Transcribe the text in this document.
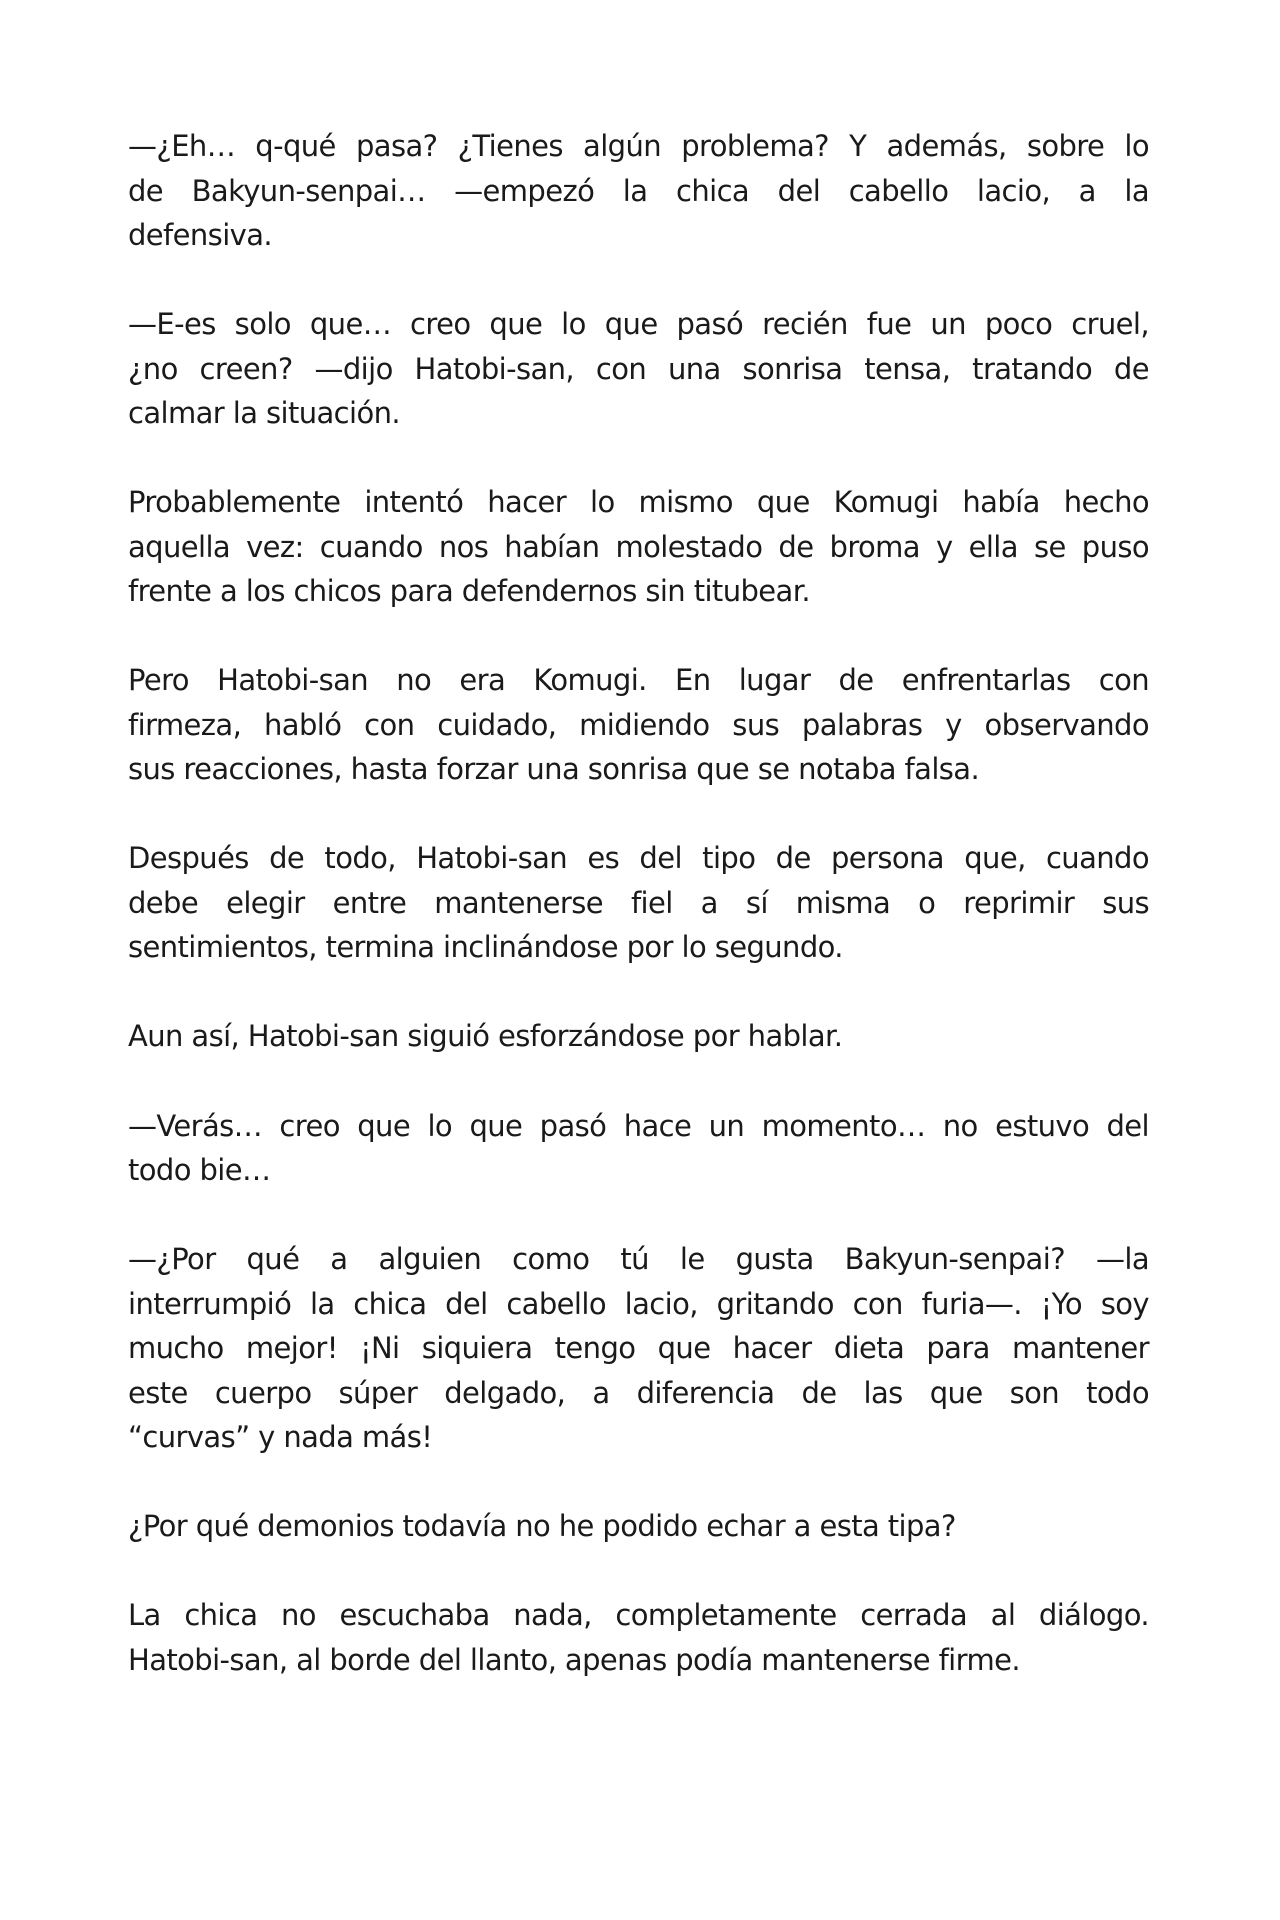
—¿Eh… q-qué pasa? ¿Tienes algún problema? Y además, sobre lo
de Bakyun-senpai… —empezó la chica del cabello lacio, a la
defensiva.

—E-es solo que… creo que lo que pasó recién fue un poco cruel,
¿no creen? —dijo Hatobi-san, con una sonrisa tensa, tratando de
calmar la situación.

Probablemente intentó hacer lo mismo que Komugi había hecho
aquella vez: cuando nos habían molestado de broma y ella se puso
frente a los chicos para defendernos sin titubear.

Pero Hatobi-san no era Komugi. En lugar de enfrentarlas con
firmeza, habló con cuidado, midiendo sus palabras y observando
sus reacciones, hasta forzar una sonrisa que se notaba falsa.

Después de todo, Hatobi-san es del tipo de persona que, cuando
debe elegir entre mantenerse fiel a sí misma o reprimir sus
sentimientos, termina inclinándose por lo segundo.

Aun así, Hatobi-san siguió esforzándose por hablar.

—Verás… creo que lo que pasó hace un momento… no estuvo del
todo bie…

—¿Por qué a alguien como tú le gusta Bakyun-senpai? —la
interrumpió la chica del cabello lacio, gritando con furia—. ¡Yo soy
mucho mejor! ¡Ni siquiera tengo que hacer dieta para mantener
este cuerpo súper delgado, a diferencia de las que son todo
“curvas” y nada más!

¿Por qué demonios todavía no he podido echar a esta tipa?

La chica no escuchaba nada, completamente cerrada al diálogo.
Hatobi-san, al borde del llanto, apenas podía mantenerse firme.
